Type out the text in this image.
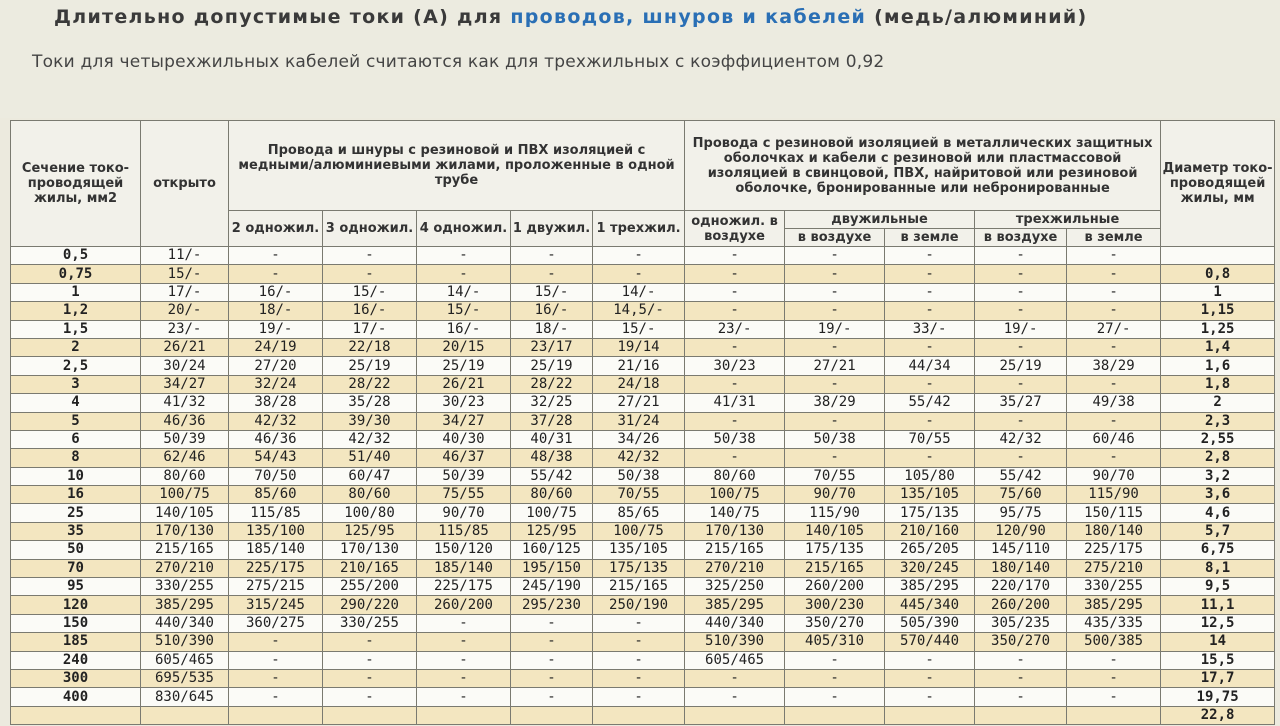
Длительно допустимые токи (А) для проводов, шнуров и кабелей (медь/алюминий)
Токи для четырехжильных кабелей считаются как для трехжильных с коэффициентом 0,92
Сечение токо-проводящей жилы, мм2	открыто	Провода и шнуры с резиновой и ПВХ изоляцией с медными/алюминиевыми жилами, проложенные в одной трубе					Провода с резиновой изоляцией в металлических защитных оболочках и кабели с резиновой или пластмассовой изоляцией в свинцовой, ПВХ, найритовой или резиновой оболочке, бронированные или небронированные					Диаметр токо-проводящей жилы, мм
		2 одножил.	3 одножил.	4 одножил.	1 двужил.	1 трехжил.	одножил. в воздухе	двужильные		трехжильные		
								в воздухе	в земле	в воздухе	в земле	
0,5	11/-	-	-	-	-	-	-	-	-	-	-	
0,75	15/-	-	-	-	-	-	-	-	-	-	-	0,8
1	17/-	16/-	15/-	14/-	15/-	14/-	-	-	-	-	-	1
1,2	20/-	18/-	16/-	15/-	16/-	14,5/-	-	-	-	-	-	1,15
1,5	23/-	19/-	17/-	16/-	18/-	15/-	23/-	19/-	33/-	19/-	27/-	1,25
2	26/21	24/19	22/18	20/15	23/17	19/14	-	-	-	-	-	1,4
2,5	30/24	27/20	25/19	25/19	25/19	21/16	30/23	27/21	44/34	25/19	38/29	1,6
3	34/27	32/24	28/22	26/21	28/22	24/18	-	-	-	-	-	1,8
4	41/32	38/28	35/28	30/23	32/25	27/21	41/31	38/29	55/42	35/27	49/38	2
5	46/36	42/32	39/30	34/27	37/28	31/24	-	-	-	-	-	2,3
6	50/39	46/36	42/32	40/30	40/31	34/26	50/38	50/38	70/55	42/32	60/46	2,55
8	62/46	54/43	51/40	46/37	48/38	42/32	-	-	-	-	-	2,8
10	80/60	70/50	60/47	50/39	55/42	50/38	80/60	70/55	105/80	55/42	90/70	3,2
16	100/75	85/60	80/60	75/55	80/60	70/55	100/75	90/70	135/105	75/60	115/90	3,6
25	140/105	115/85	100/80	90/70	100/75	85/65	140/75	115/90	175/135	95/75	150/115	4,6
35	170/130	135/100	125/95	115/85	125/95	100/75	170/130	140/105	210/160	120/90	180/140	5,7
50	215/165	185/140	170/130	150/120	160/125	135/105	215/165	175/135	265/205	145/110	225/175	6,75
70	270/210	225/175	210/165	185/140	195/150	175/135	270/210	215/165	320/245	180/140	275/210	8,1
95	330/255	275/215	255/200	225/175	245/190	215/165	325/250	260/200	385/295	220/170	330/255	9,5
120	385/295	315/245	290/220	260/200	295/230	250/190	385/295	300/230	445/340	260/200	385/295	11,1
150	440/340	360/275	330/255	-	-	-	440/340	350/270	505/390	305/235	435/335	12,5
185	510/390	-	-	-	-	-	510/390	405/310	570/440	350/270	500/385	14
240	605/465	-	-	-	-	-	605/465	-	-	-	-	15,5
300	695/535	-	-	-	-	-	-	-	-	-	-	17,7
400	830/645	-	-	-	-	-	-	-	-	-	-	19,75
												22,8
